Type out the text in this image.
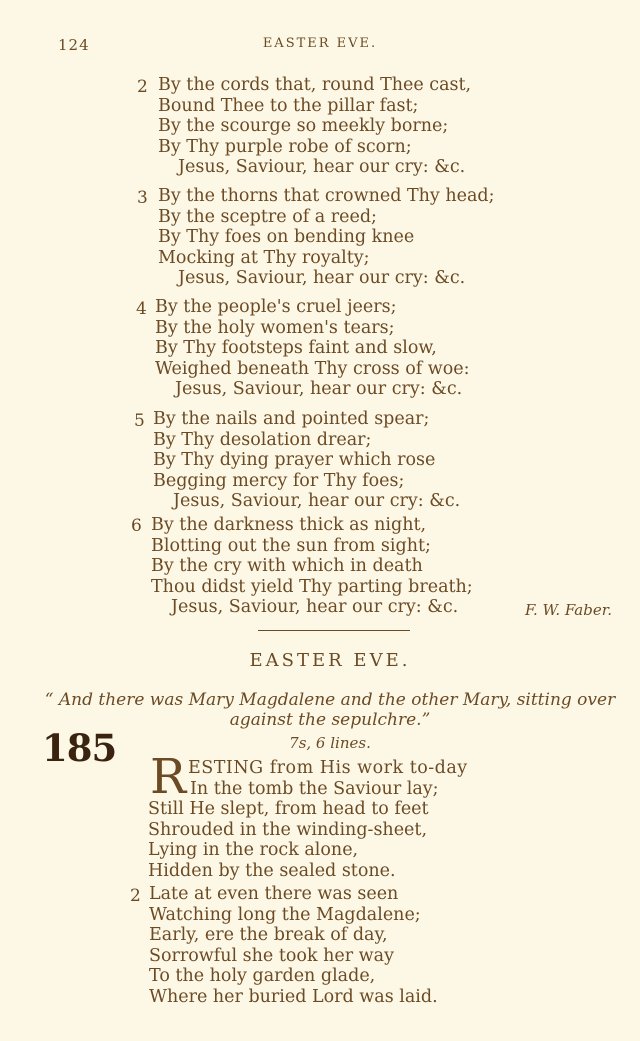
124	EASTER EVE.
2 By the cords that, round Thee cast,
Bound Thee to the pillar fast;
By the scourge so meekly borne;
By Thy purple robe of scorn;
Jesus, Saviour, hear our cry: &c.
3 By the thorns that crowned Thy head;
By the sceptre of a reed;
By Thy foes on bending knee
Mocking at Thy royalty;
Jesus, Saviour, hear our cry: &c.
4 By the people's cruel jeers;
By the holy women's tears;
By Thy footsteps faint and slow,
Weighed beneath Thy cross of woe:
Jesus, Saviour, hear our cry: &c.
5 By the nails and pointed spear;
By Thy desolation drear;
By Thy dying prayer which rose
Begging mercy for Thy foes;
Jesus, Saviour, hear our cry: &c.
6 By the darkness thick as night,
Blotting out the sun from sight;
By the cry with which in death
Thou didst yield Thy parting breath;
Jesus, Saviour, hear our cry: &c.	F. W. Faber.
EASTER EVE.
“ And there was Mary Magdalene and the other Mary, sitting over against the sepulchre.”
185	7s, 6 lines.
R ESTING from His work to-day
In the tomb the Saviour lay;
Still He slept, from head to feet
Shrouded in the winding-sheet,
Lying in the rock alone,
Hidden by the sealed stone.
2 Late at even there was seen
Watching long the Magdalene;
Early, ere the break of day,
Sorrowful she took her way
To the holy garden glade,
Where her buried Lord was laid.
